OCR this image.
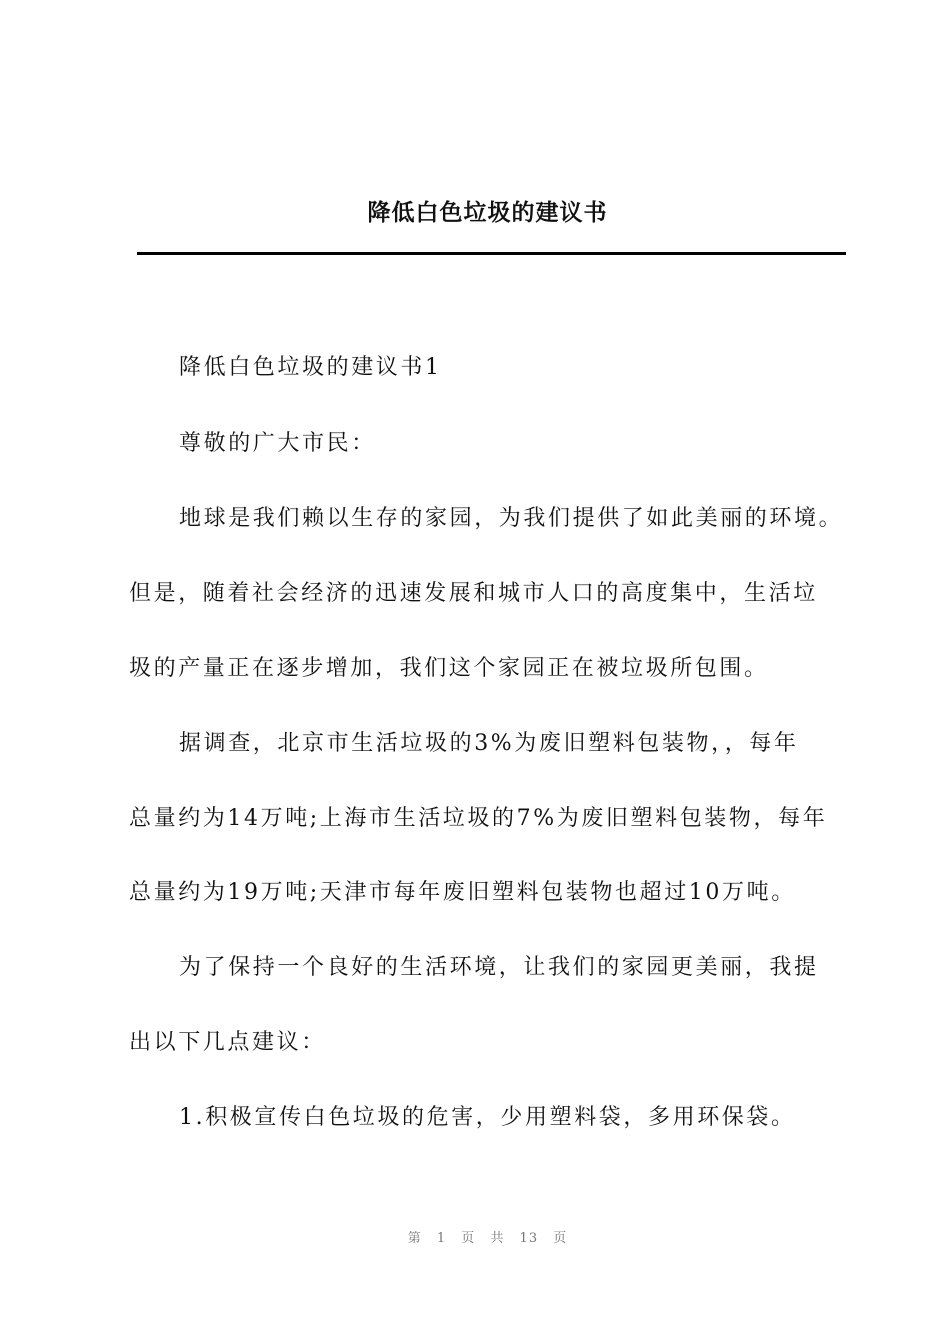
降低白色垃圾的建议书
降低白色垃圾的建议书1
尊敬的广大市民：
地球是我们赖以生存的家园，为我们提供了如此美丽的环境。
但是，随着社会经济的迅速发展和城市人口的高度集中，生活垃
圾的产量正在逐步增加，我们这个家园正在被垃圾所包围。
据调查，北京市生活垃圾的3%为废旧塑料包装物，，每年
总量约为14万吨;上海市生活垃圾的7%为废旧塑料包装物，每年
总量约为19万吨;天津市每年废旧塑料包装物也超过10万吨。
为了保持一个良好的生活环境，让我们的家园更美丽，我提
出以下几点建议：
1.积极宣传白色垃圾的危害，少用塑料袋，多用环保袋。
第 1 页 共 13 页
